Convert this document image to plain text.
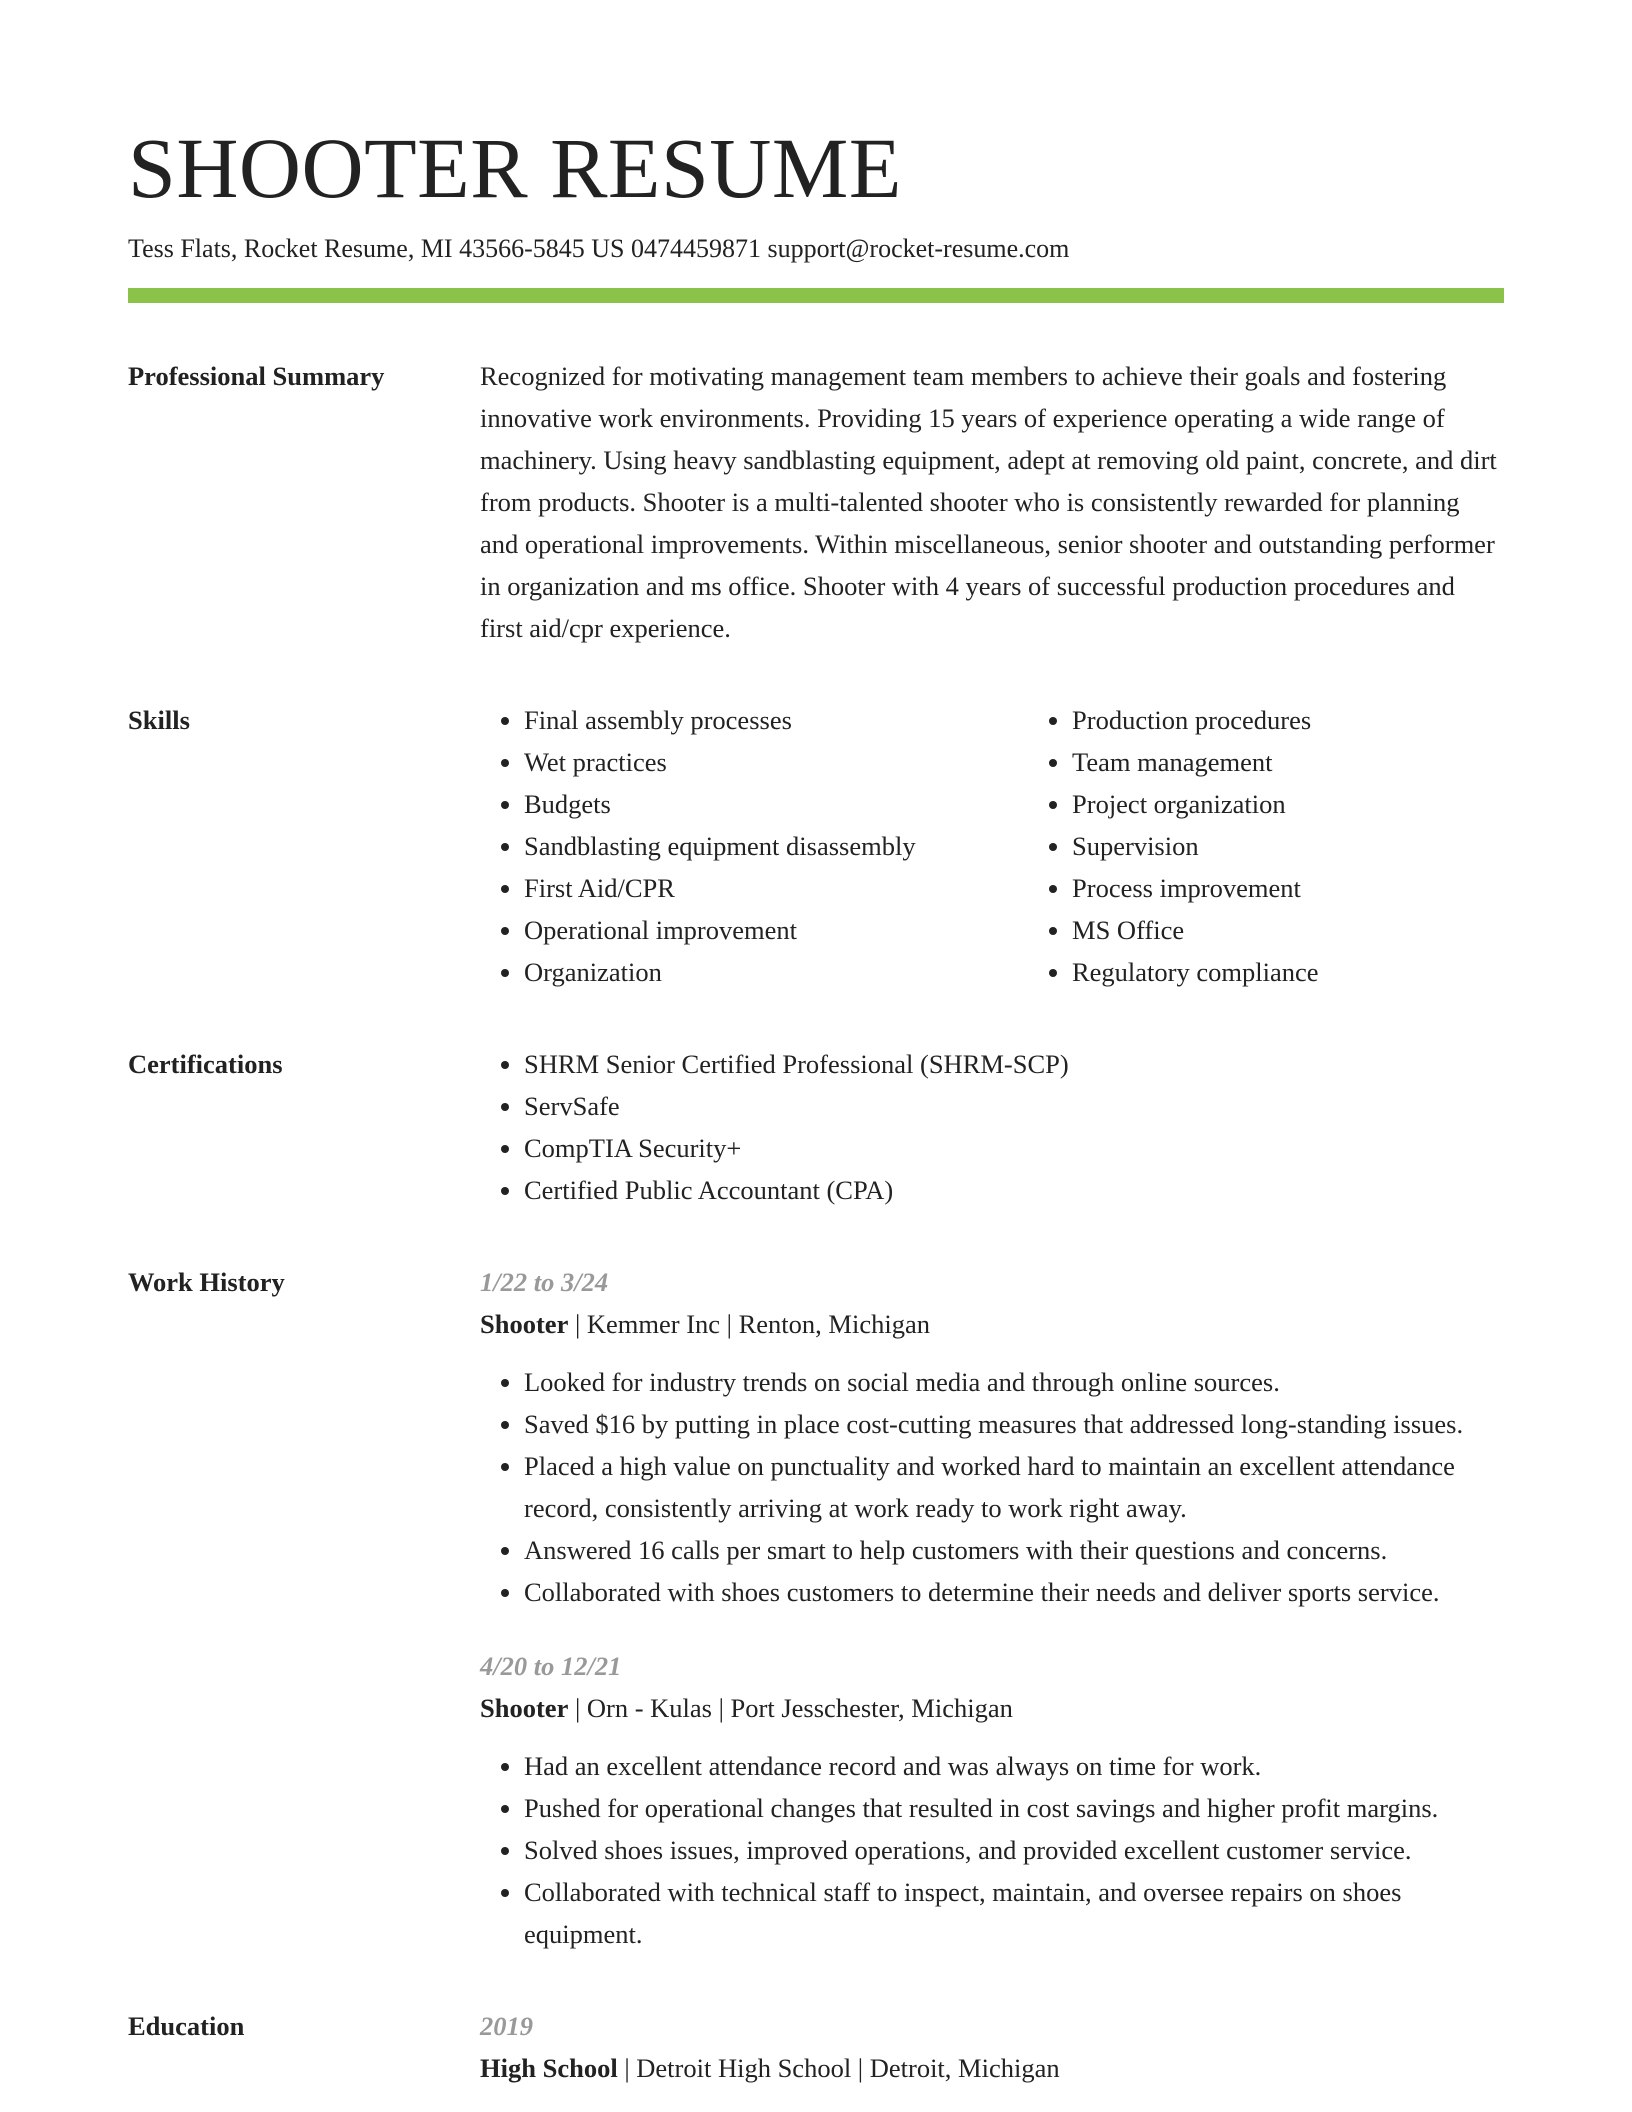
SHOOTER RESUME
Tess Flats, Rocket Resume, MI 43566-5845 US 0474459871 support@rocket-resume.com
Professional Summary	Recognized for motivating management team members to achieve their goals and fostering innovative work environments. Providing 15 years of experience operating a wide range of machinery. Using heavy sandblasting equipment, adept at removing old paint, concrete, and dirt from products. Shooter is a multi-talented shooter who is consistently rewarded for planning and operational improvements. Within miscellaneous, senior shooter and outstanding performer in organization and ms office. Shooter with 4 years of successful production procedures and first aid/cpr experience.

Skills	• Final assembly processes
• Wet practices
• Budgets
• Sandblasting equipment disassembly
• First Aid/CPR
• Operational improvement
• Organization
• Production procedures
• Team management
• Project organization
• Supervision
• Process improvement
• MS Office
• Regulatory compliance
Certifications	• SHRM Senior Certified Professional (SHRM-SCP)
• ServSafe
• CompTIA Security+
• Certified Public Accountant (CPA)
Work History	1/22 to 3/24
Shooter | Kemmer Inc | Renton, Michigan
• Looked for industry trends on social media and through online sources.
• Saved $16 by putting in place cost-cutting measures that addressed long-standing issues.
• Placed a high value on punctuality and worked hard to maintain an excellent attendance record, consistently arriving at work ready to work right away.
• Answered 16 calls per smart to help customers with their questions and concerns.
• Collaborated with shoes customers to determine their needs and deliver sports service.
4/20 to 12/21
Shooter | Orn - Kulas | Port Jesschester, Michigan
• Had an excellent attendance record and was always on time for work.
• Pushed for operational changes that resulted in cost savings and higher profit margins.
• Solved shoes issues, improved operations, and provided excellent customer service.
• Collaborated with technical staff to inspect, maintain, and oversee repairs on shoes equipment.
Education	2019
High School | Detroit High School | Detroit, Michigan
